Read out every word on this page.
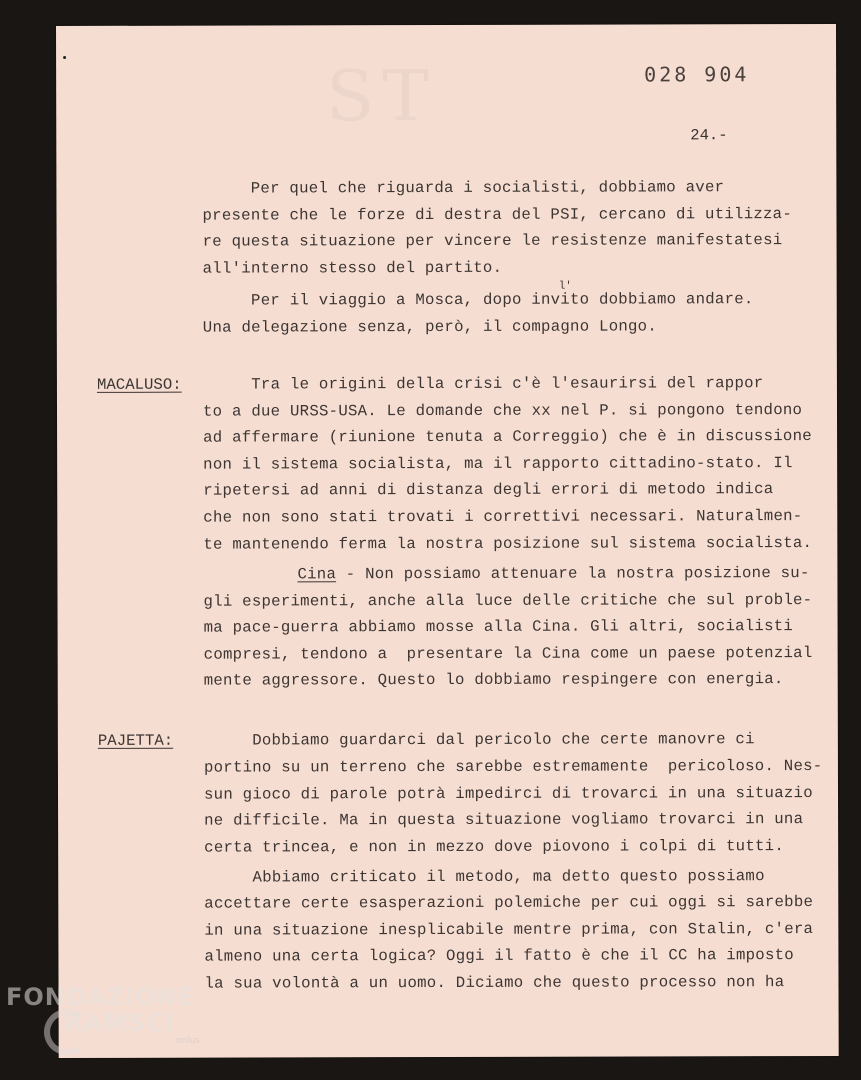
ST	028 904
24.-
Per quel che riguarda i socialisti, dobbiamo aver
presente che le forze di destra del PSI, cercano di utilizza-
re questa situazione per vincere le resistenze manifestatesi
all'interno stesso del partito.
l'
Per il viaggio a Mosca, dopo invito dobbiamo andare.
Una delegazione senza, però, il compagno Longo.
MACALUSO: Tra le origini della crisi c'è l'esaurirsi del rappor
to a due URSS-USA. Le domande che xx nel P. si pongono tendono
ad affermare (riunione tenuta a Correggio) che è in discussione
non il sistema socialista, ma il rapporto cittadino-stato. Il
ripetersi ad anni di distanza degli errori di metodo indica
che non sono stati trovati i correttivi necessari. Naturalmen-
te mantenendo ferma la nostra posizione sul sistema socialista.
Cina - Non possiamo attenuare la nostra posizione su-
gli esperimenti, anche alla luce delle critiche che sul proble-
ma pace-guerra abbiamo mosse alla Cina. Gli altri, socialisti
compresi, tendono a  presentare la Cina come un paese potenzial
mente aggressore. Questo lo dobbiamo respingere con energia.
PAJETTA: Dobbiamo guardarci dal pericolo che certe manovre ci
portino su un terreno che sarebbe estremamente  pericoloso. Nes-
sun gioco di parole potrà impedirci di trovarci in una situazio
ne difficile. Ma in questa situazione vogliamo trovarci in una
certa trincea, e non in mezzo dove piovono i colpi di tutti.
Abbiamo criticato il metodo, ma detto questo possiamo
accettare certe esasperazioni polemiche per cui oggi si sarebbe
in una situazione inesplicabile mentre prima, con Stalin, c'era
almeno una certa logica? Oggi il fatto è che il CC ha imposto
la sua volontà a un uomo. Diciamo che questo processo non ha
FONDAZIONE
RAMSCI
onlus
